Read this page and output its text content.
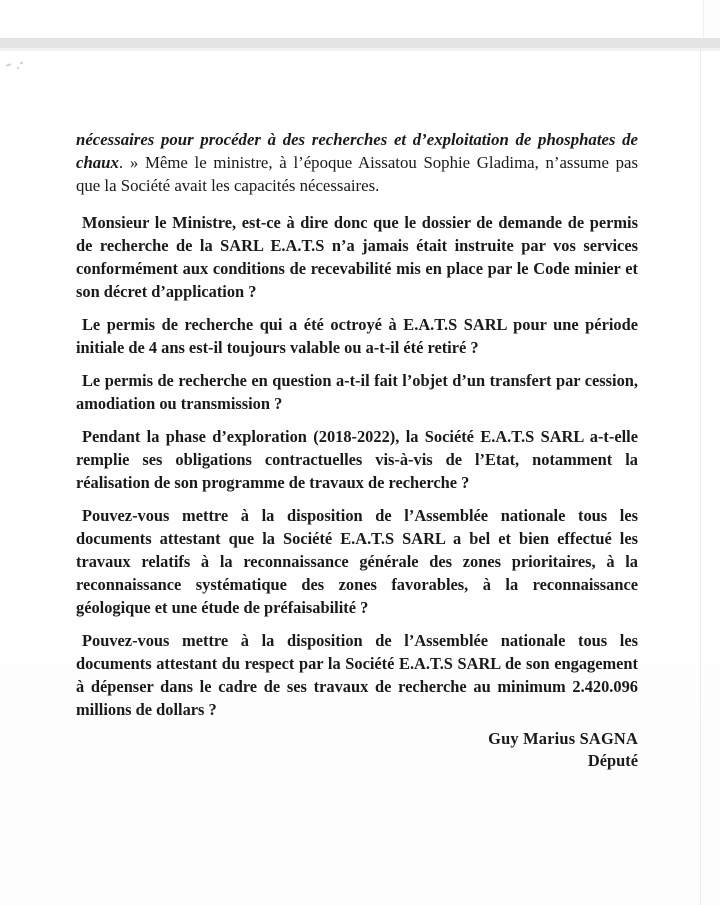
nécessaires pour procéder à des recherches et d’exploitation de phosphates de chaux. » Même le ministre, à l’époque Aissatou Sophie Gladima, n’assume pas que la Société avait les capacités nécessaires.

Monsieur le Ministre, est-ce à dire donc que le dossier de demande de permis de recherche de la SARL E.A.T.S n’a jamais était instruite par vos services conformément aux conditions de recevabilité mis en place par le Code minier et son décret d’application ?

Le permis de recherche qui a été octroyé à E.A.T.S SARL pour une période initiale de 4 ans est-il toujours valable ou a-t-il été retiré ?

Le permis de recherche en question a-t-il fait l’objet d’un transfert par cession, amodiation ou transmission ?

Pendant la phase d’exploration (2018-2022), la Société E.A.T.S SARL a-t-elle remplie ses obligations contractuelles vis-à-vis de l’Etat, notamment la réalisation de son programme de travaux de recherche ?

Pouvez-vous mettre à la disposition de l’Assemblée nationale tous les documents attestant que la Société E.A.T.S SARL a bel et bien effectué les travaux relatifs à la reconnaissance générale des zones prioritaires, à la reconnaissance systématique des zones favorables, à la reconnaissance géologique et une étude de préfaisabilité ?

Pouvez-vous mettre à la disposition de l’Assemblée nationale tous les documents attestant du respect par la Société E.A.T.S SARL de son engagement à dépenser dans le cadre de ses travaux de recherche au minimum 2.420.096 millions de dollars ?

Guy Marius SAGNA
Député
